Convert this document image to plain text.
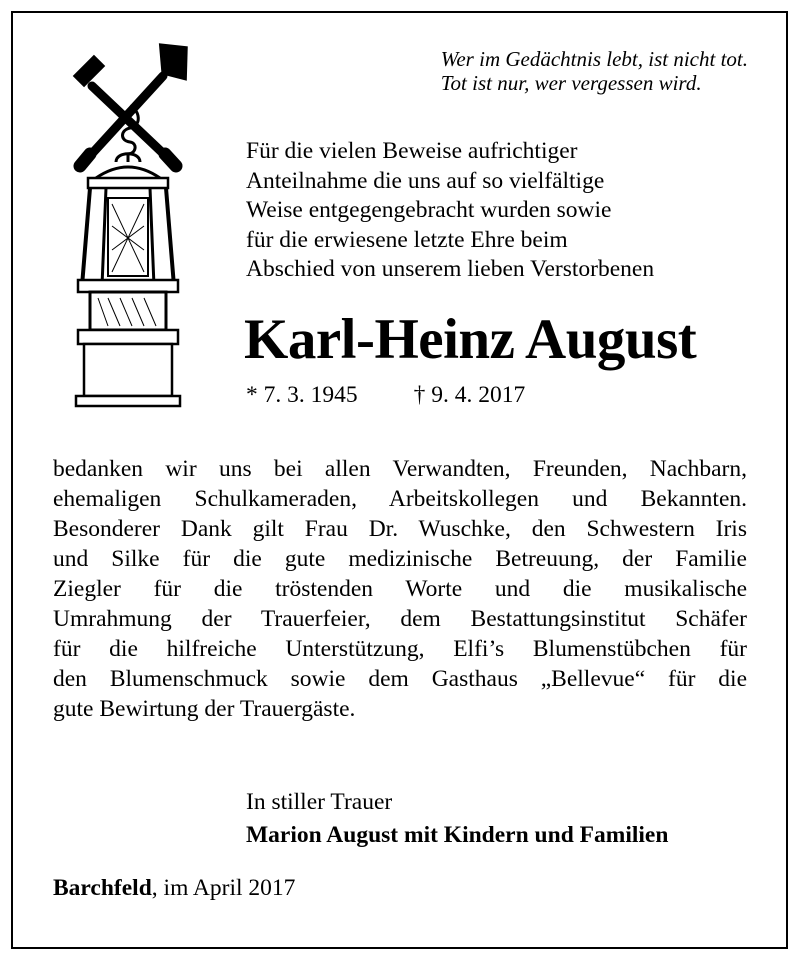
Wer im Gedächtnis lebt, ist nicht tot.
Tot ist nur, wer vergessen wird.
Für die vielen Beweise aufrichtiger
Anteilnahme die uns auf so vielfältige
Weise entgegengebracht wurden sowie
für die erwiesene letzte Ehre beim
Abschied von unserem lieben Verstorbenen
Karl-Heinz August
* 7. 3. 1945 † 9. 4. 2017
bedanken wir uns bei allen Verwandten, Freunden, Nachbarn,
ehemaligen Schulkameraden, Arbeitskollegen und Bekannten.
Besonderer Dank gilt Frau Dr. Wuschke, den Schwestern Iris
und Silke für die gute medizinische Betreuung, der Familie
Ziegler für die tröstenden Worte und die musikalische
Umrahmung der Trauerfeier, dem Bestattungsinstitut Schäfer
für die hilfreiche Unterstützung, Elfi’s Blumenstübchen für
den Blumenschmuck sowie dem Gasthaus „Bellevue“ für die
gute Bewirtung der Trauergäste.
In stiller Trauer
Marion August mit Kindern und Familien
Barchfeld, im April 2017
